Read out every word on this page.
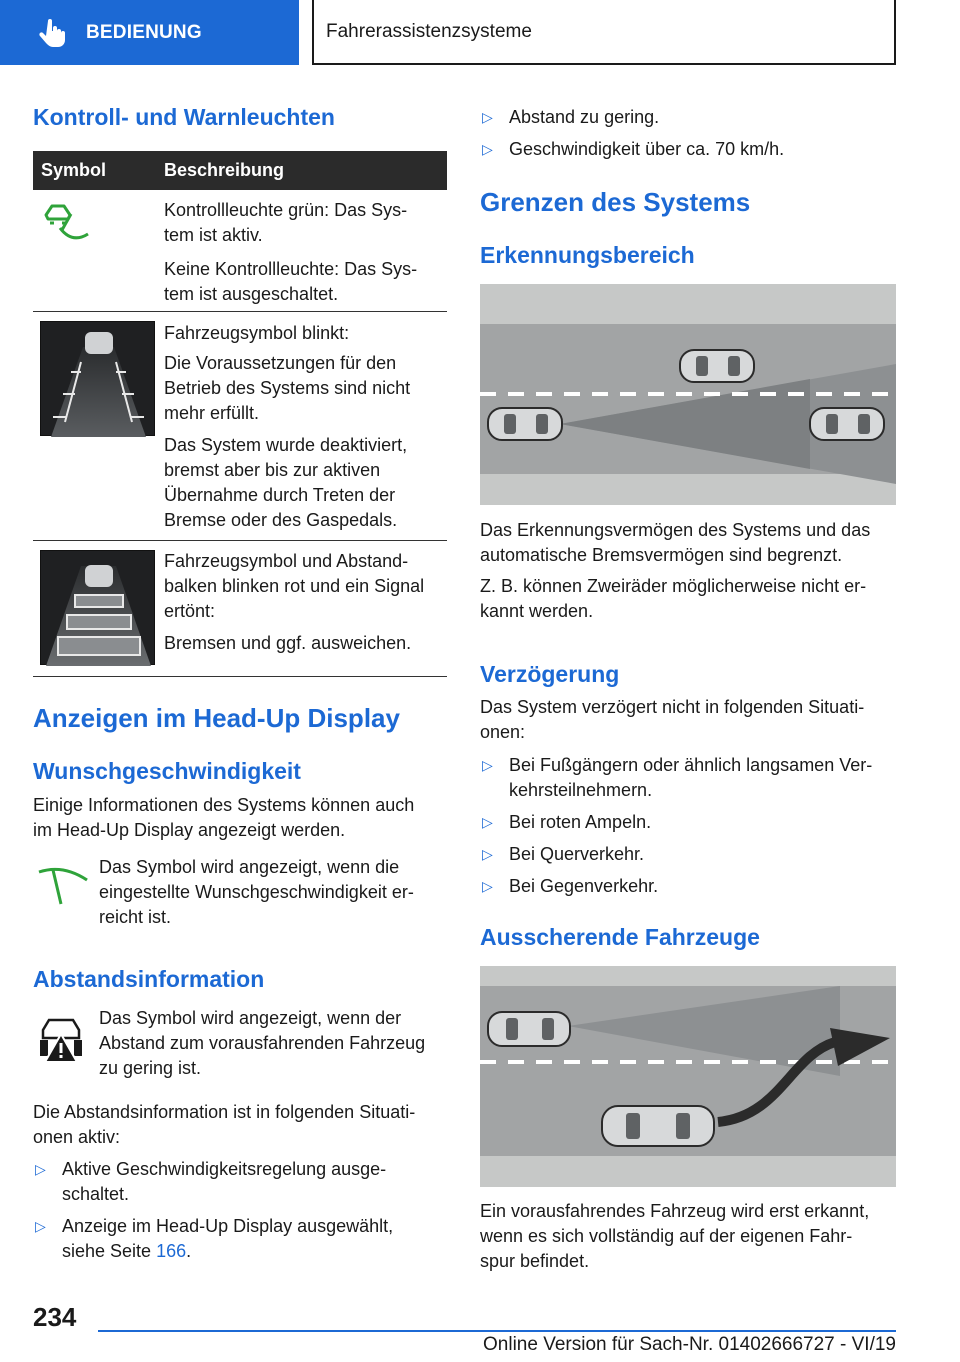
BEDIENUNG	Fahrerassistenzsysteme
Kontroll- und Warnleuchten
Symbol	Beschreibung
Kontrollleuchte grün: Das Sys-
tem ist aktiv.
Keine Kontrollleuchte: Das Sys-
tem ist ausgeschaltet.
Fahrzeugsymbol blinkt:
Die Voraussetzungen für den
Betrieb des Systems sind nicht
mehr erfüllt.
Das System wurde deaktiviert,
bremst aber bis zur aktiven
Übernahme durch Treten der
Bremse oder des Gaspedals.
Fahrzeugsymbol und Abstand-
balken blinken rot und ein Signal
ertönt:
Bremsen und ggf. ausweichen.
Anzeigen im Head-Up Display
Wunschgeschwindigkeit
Einige Informationen des Systems können auch
im Head-Up Display angezeigt werden.
Das Symbol wird angezeigt, wenn die
eingestellte Wunschgeschwindigkeit er-
reicht ist.
Abstandsinformation
Das Symbol wird angezeigt, wenn der
Abstand zum vorausfahrenden Fahrzeug
zu gering ist.
Die Abstandsinformation ist in folgenden Situati-
onen aktiv:
▷ Aktive Geschwindigkeitsregelung ausge-
schaltet.
▷ Anzeige im Head-Up Display ausgewählt,
siehe Seite 166.
▷ Abstand zu gering.
▷ Geschwindigkeit über ca. 70 km/h.
Grenzen des Systems
Erkennungsbereich
Das Erkennungsvermögen des Systems und das
automatische Bremsvermögen sind begrenzt.
Z. B. können Zweiräder möglicherweise nicht er-
kannt werden.
Verzögerung
Das System verzögert nicht in folgenden Situati-
onen:
▷ Bei Fußgängern oder ähnlich langsamen Ver-
kehrsteilnehmern.
▷ Bei roten Ampeln.
▷ Bei Querverkehr.
▷ Bei Gegenverkehr.
Ausscherende Fahrzeuge
Ein vorausfahrendes Fahrzeug wird erst erkannt,
wenn es sich vollständig auf der eigenen Fahr-
spur befindet.
234
Online Version für Sach-Nr. 01402666727 - VI/19
